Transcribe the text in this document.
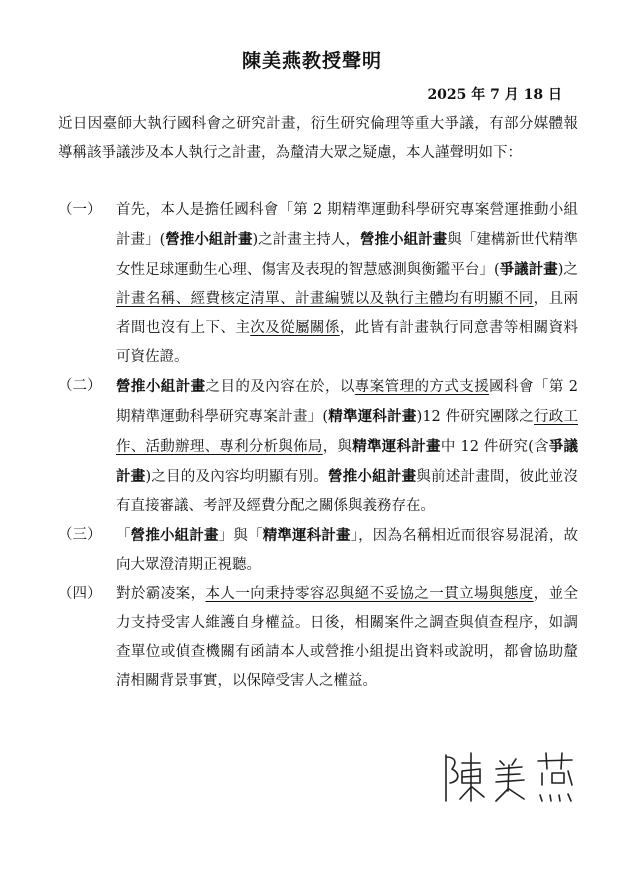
陳美燕教授聲明
2025 年 7 月 18 日
近日因臺師大執行國科會之研究計畫，衍生研究倫理等重大爭議，有部分媒體報導稱該爭議涉及本人執行之計畫，為釐清大眾之疑慮，本人謹聲明如下：

（一）	首先，本人是擔任國科會「第 2 期精準運動科學研究專案營運推動小組計畫」(營推小組計畫)之計畫主持人，營推小組計畫與「建構新世代精準女性足球運動生心理、傷害及表現的智慧感測與衡鑑平台」(爭議計畫)之計畫名稱、經費核定清單、計畫編號以及執行主體均有明顯不同，且兩者間也沒有上下、主次及從屬關係，此皆有計畫執行同意書等相關資料可資佐證。

（二）	營推小組計畫之目的及內容在於，以專案管理的方式支援國科會「第 2 期精準運動科學研究專案計畫」(精準運科計畫)12 件研究團隊之行政工作、活動辦理、專利分析與佈局，與精準運科計畫中 12 件研究(含爭議計畫)之目的及內容均明顯有別。營推小組計畫與前述計畫間，彼此並沒有直接審議、考評及經費分配之關係與義務存在。

（三）	「營推小組計畫」與「精準運科計畫」，因為名稱相近而很容易混淆，故向大眾澄清期正視聽。

（四）	對於霸凌案，本人一向秉持零容忍與絕不妥協之一貫立場與態度，並全力支持受害人維護自身權益。日後，相關案件之調查與偵查程序，如調查單位或偵查機關有函請本人或營推小組提出資料或說明，都會協助釐清相關背景事實，以保障受害人之權益。
